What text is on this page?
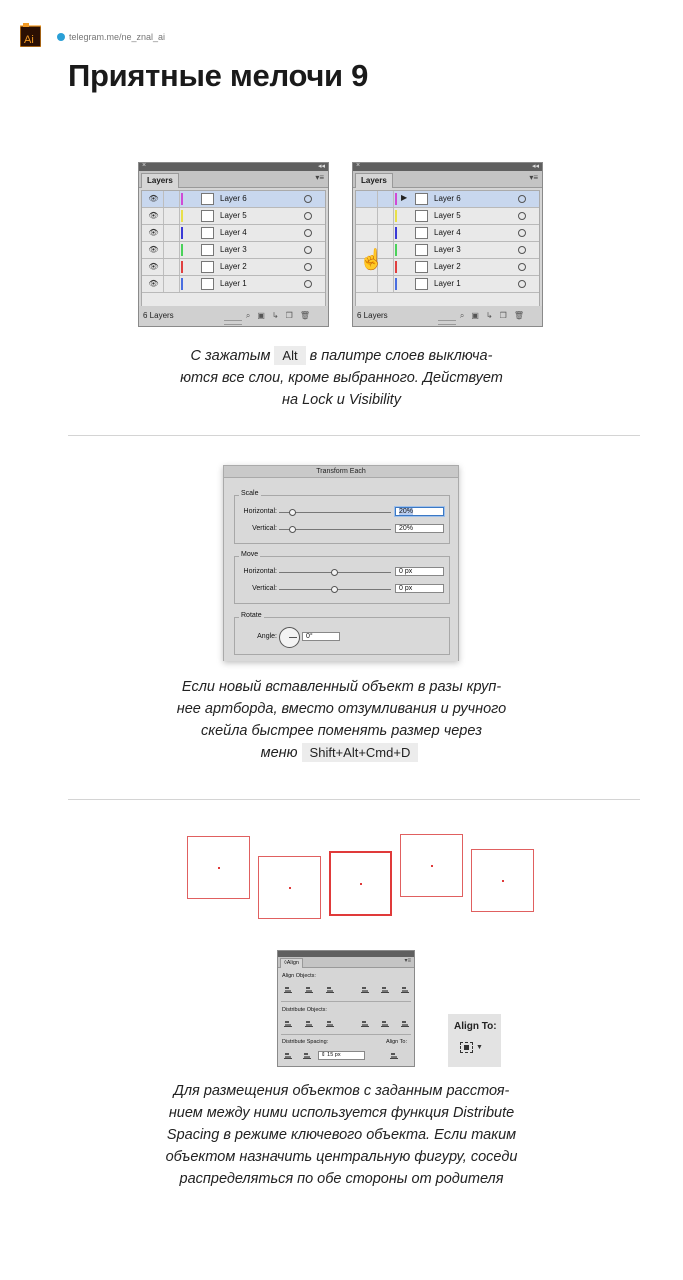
Ai	telegram.me/ne_znal_ai
Приятные мелочи 9
×	◂◂
Layers	▾≡
👁	Layer 6
👁	Layer 5
👁	Layer 4
👁	Layer 3
👁	Layer 2
👁	Layer 1
6 Layers	⌕ ▣ ↳ ❐ 🗑
×	◂◂
Layers	▾≡
▶	Layer 6
Layer 5
Layer 4
Layer 3
Layer 2
Layer 1
☝
6 Layers	⌕ ▣ ↳ ❐ 🗑
С зажатым Alt в палитре слоев выключа-
ются все слои, кроме выбранного. Действует
на Lock и Visibility
Transform Each
Scale
Horizontal:	20%
Vertical:	20%
Move
Horizontal:	0 px
Vertical:	0 px
Rotate
Angle:	0°
Если новый вставленный объект в разы круп-
нее артборда, вместо отзумливания и ручного
скейла быстрее поменять размер через
меню Shift+Alt+Cmd+D
◊Align	▾≡
Align Objects:
Distribute Objects:
Distribute Spacing:	Align To:
⇕ 15 px
Align To:
▼
Для размещения объектов с заданным расстоя-
нием между ними используется функция Distribute
Spacing в режиме ключевого объекта. Если таким
объектом назначить центральную фигуру, соседи
распределяться по обе стороны от родителя
